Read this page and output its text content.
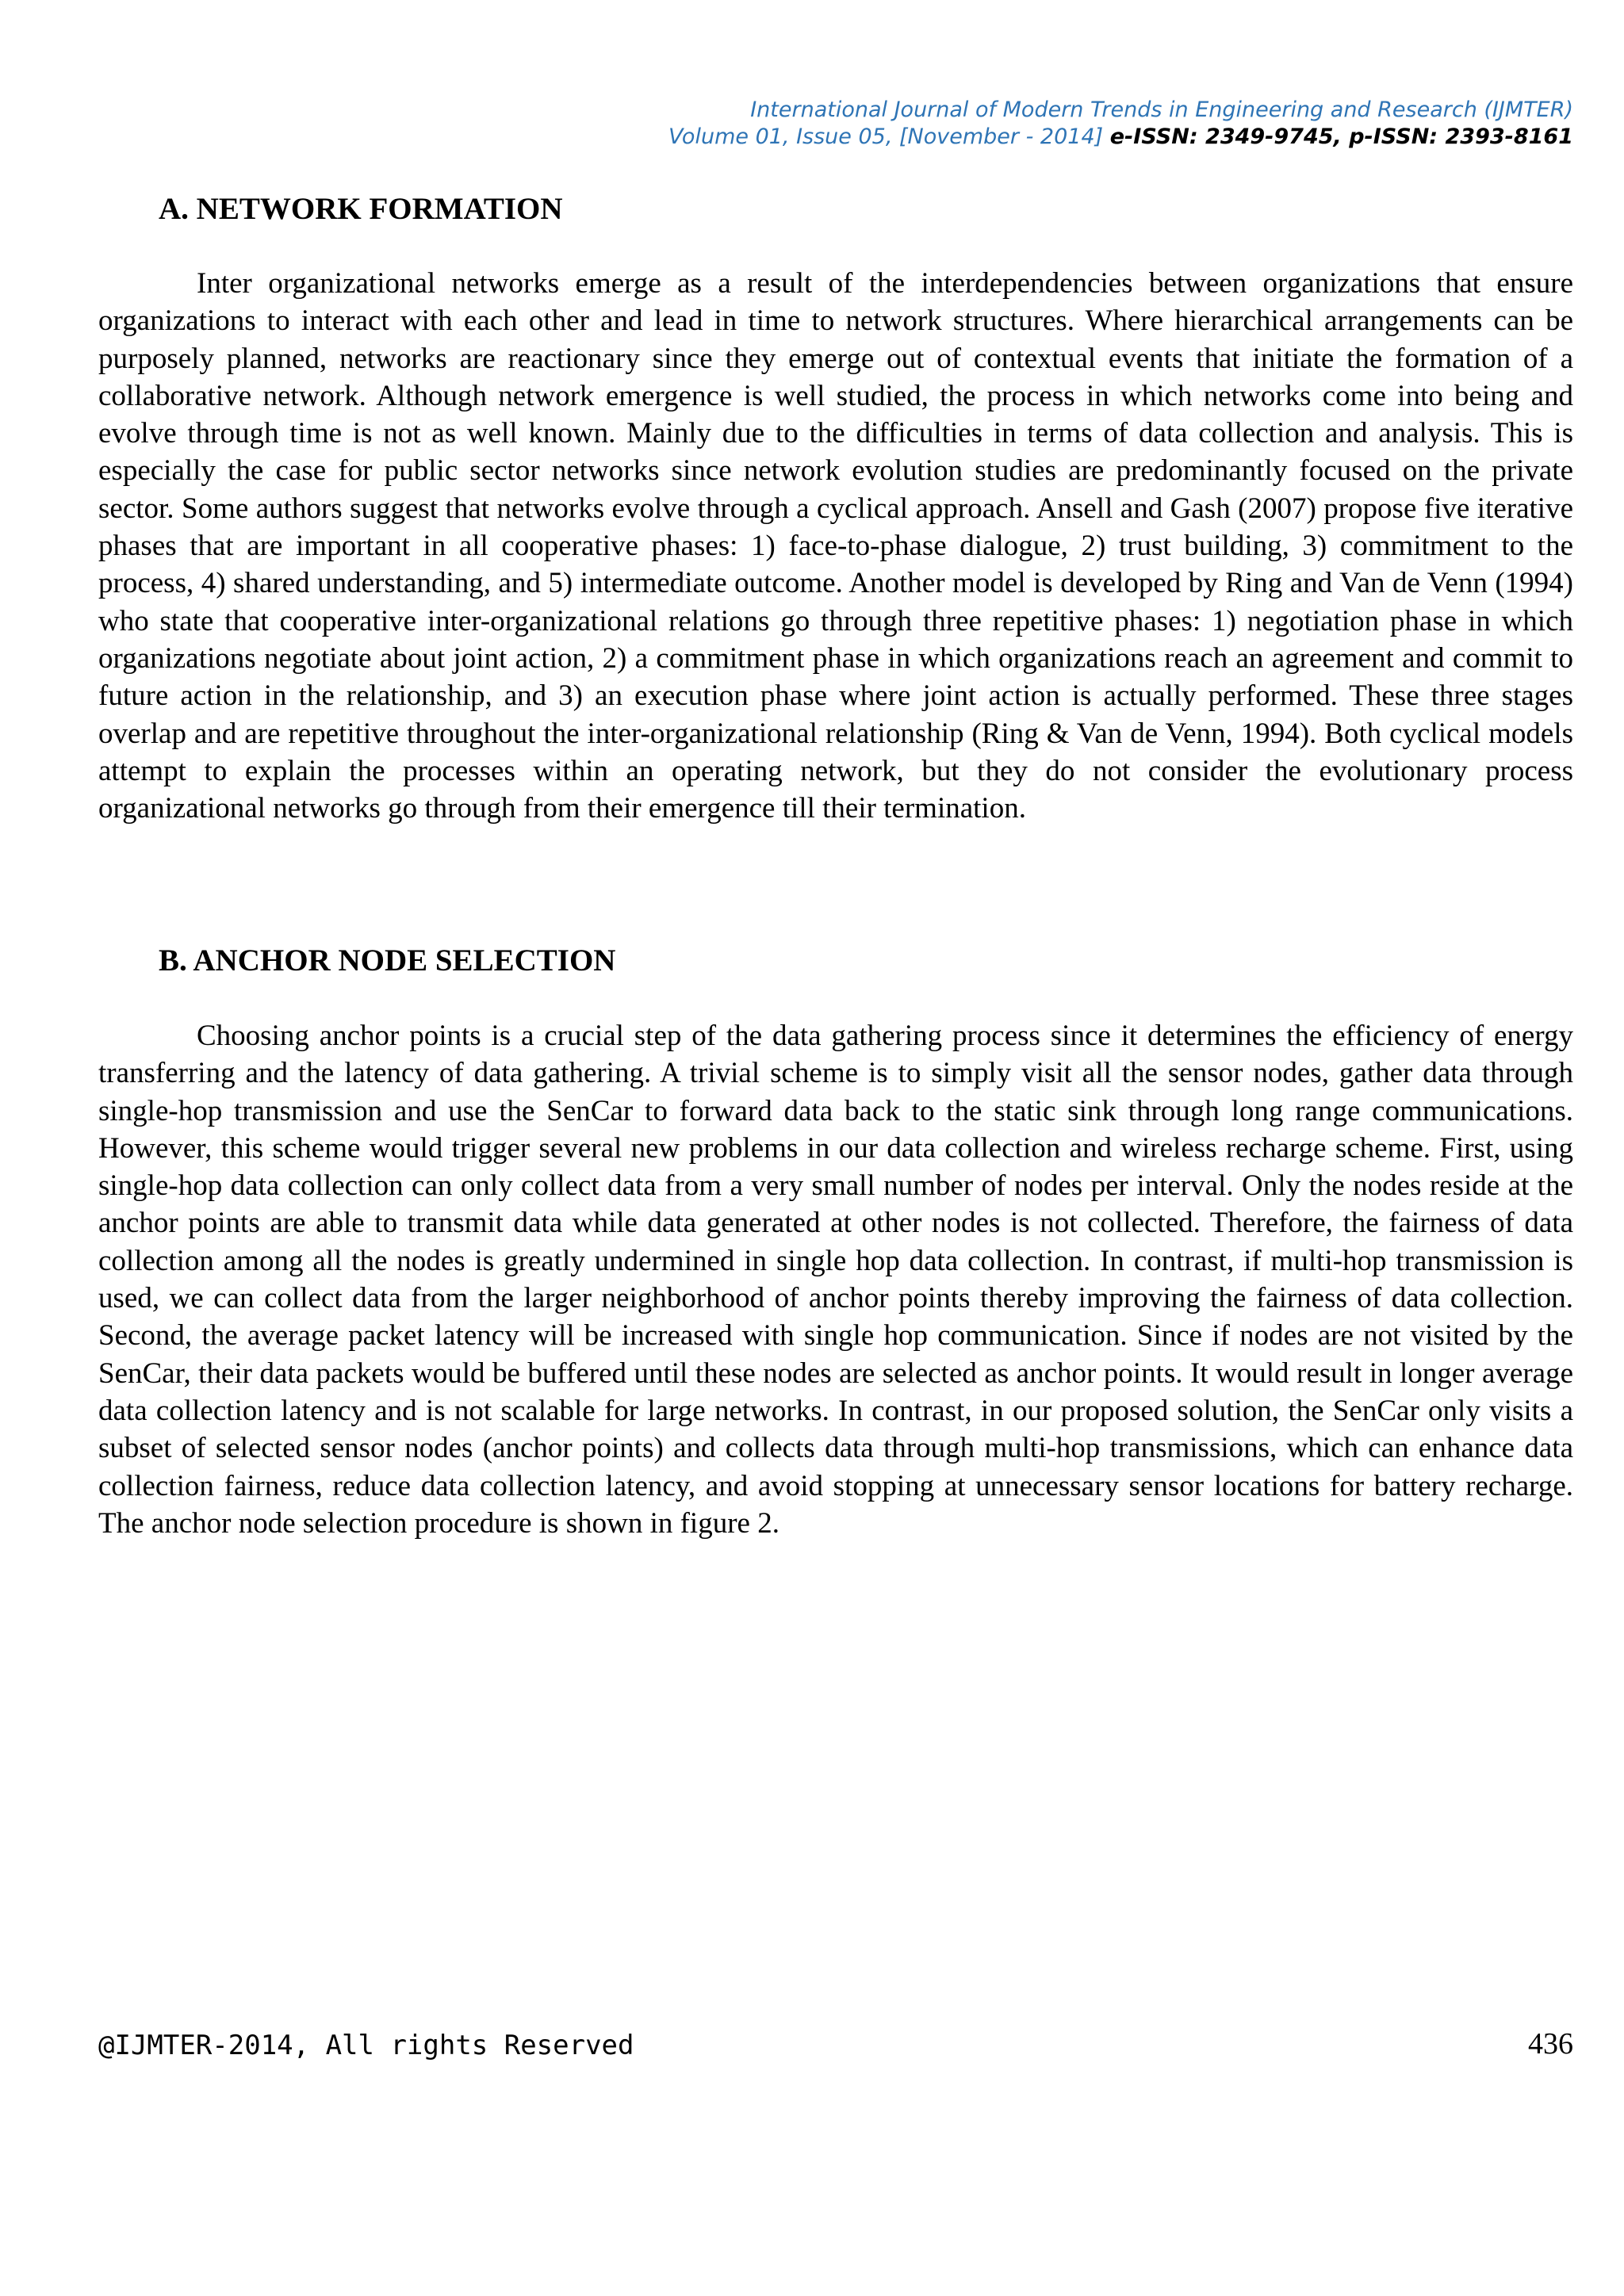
International Journal of Modern Trends in Engineering and Research (IJMTER)
Volume 01, Issue 05, [November - 2014] e-ISSN: 2349-9745, p-ISSN: 2393-8161
A. NETWORK FORMATION

Inter organizational networks emerge as a result of the interdependencies between organizations that ensure organizations to interact with each other and lead in time to network structures. Where hierarchical arrangements can be purposely planned, networks are reactionary since they emerge out of contextual events that initiate the formation of a collaborative network. Although network emergence is well studied, the process in which networks come into being and evolve through time is not as well known. Mainly due to the difficulties in terms of data collection and analysis. This is especially the case for public sector networks since network evolution studies are predominantly focused on the private sector. Some authors suggest that networks evolve through a cyclical approach. Ansell and Gash (2007) propose five iterative phases that are important in all cooperative phases: 1) face-to-phase dialogue, 2) trust building, 3) commitment to the process, 4) shared understanding, and 5) intermediate outcome. Another model is developed by Ring and Van de Venn (1994) who state that cooperative inter-organizational relations go through three repetitive phases: 1) negotiation phase in which organizations negotiate about joint action, 2) a commitment phase in which organizations reach an agreement and commit to future action in the relationship, and 3) an execution phase where joint action is actually performed. These three stages overlap and are repetitive throughout the inter-organizational relationship (Ring & Van de Venn, 1994). Both cyclical models attempt to explain the processes within an operating network, but they do not consider the evolutionary process organizational networks go through from their emergence till their termination.

B. ANCHOR NODE SELECTION

Choosing anchor points is a crucial step of the data gathering process since it determines the efficiency of energy transferring and the latency of data gathering. A trivial scheme is to simply visit all the sensor nodes, gather data through single-hop transmission and use the SenCar to forward data back to the static sink through long range communications. However, this scheme would trigger several new problems in our data collection and wireless recharge scheme. First, using single-hop data collection can only collect data from a very small number of nodes per interval. Only the nodes reside at the anchor points are able to transmit data while data generated at other nodes is not collected. Therefore, the fairness of data collection among all the nodes is greatly undermined in single hop data collection. In contrast, if multi-hop transmission is used, we can collect data from the larger neighborhood of anchor points thereby improving the fairness of data collection. Second, the average packet latency will be increased with single hop communication. Since if nodes are not visited by the SenCar, their data packets would be buffered until these nodes are selected as anchor points. It would result in longer average data collection latency and is not scalable for large networks. In contrast, in our proposed solution, the SenCar only visits a subset of selected sensor nodes (anchor points) and collects data through multi-hop transmissions, which can enhance data collection fairness, reduce data collection latency, and avoid stopping at unnecessary sensor locations for battery recharge. The anchor node selection procedure is shown in figure 2.

@IJMTER-2014, All rights Reserved	436
